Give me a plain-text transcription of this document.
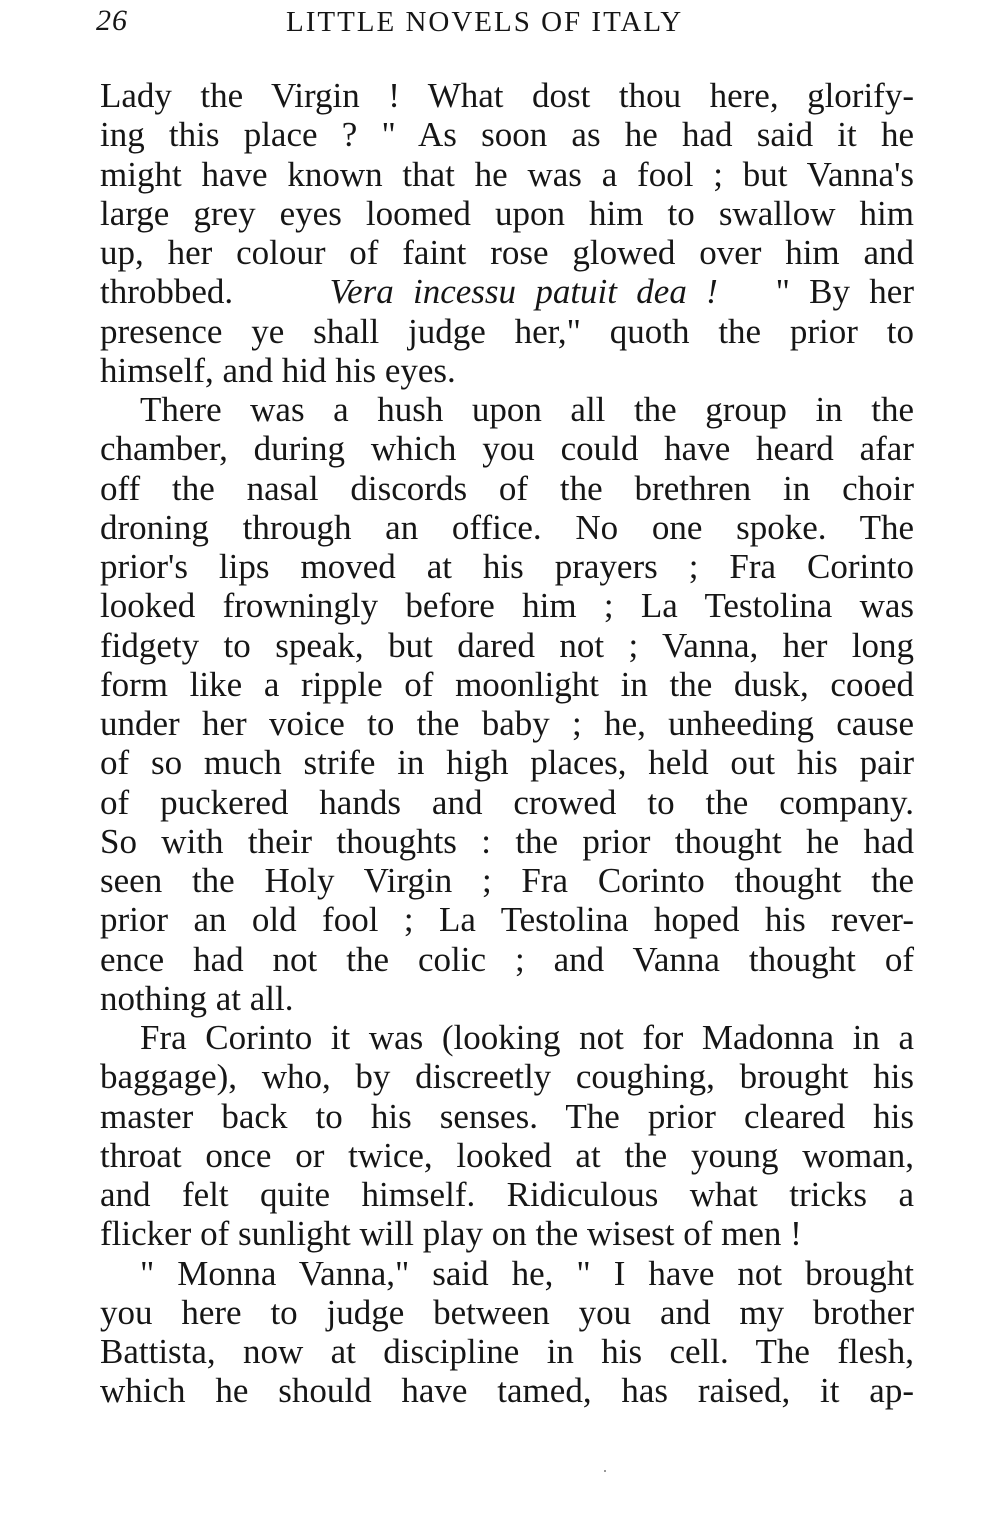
26	LITTLE NOVELS OF ITALY
Lady the Virgin ! What dost thou here, glorify-
ing this place ? " As soon as he had said it he
might have known that he was a fool ; but Vanna's
large grey eyes loomed upon him to swallow him
up, her colour of faint rose glowed over him and
throbbed.	Vera incessu patuit dea ! " By her
presence ye shall judge her," quoth the prior to
himself, and hid his eyes.
There was a hush upon all the group in the
chamber, during which you could have heard afar
off the nasal discords of the brethren in choir
droning through an office. No one spoke. The
prior's lips moved at his prayers ; Fra Corinto
looked frowningly before him ; La Testolina was
fidgety to speak, but dared not ; Vanna, her long
form like a ripple of moonlight in the dusk, cooed
under her voice to the baby ; he, unheeding cause
of so much strife in high places, held out his pair
of puckered hands and crowed to the company.
So with their thoughts : the prior thought he had
seen the Holy Virgin ; Fra Corinto thought the
prior an old fool ; La Testolina hoped his rever-
ence had not the colic ; and Vanna thought of
nothing at all.
Fra Corinto it was (looking not for Madonna in a
baggage), who, by discreetly coughing, brought his
master back to his senses. The prior cleared his
throat once or twice, looked at the young woman,
and felt quite himself. Ridiculous what tricks a
flicker of sunlight will play on the wisest of men !
" Monna Vanna," said he, " I have not brought
you here to judge between you and my brother
Battista, now at discipline in his cell. The flesh,
which he should have tamed, has raised, it ap-
